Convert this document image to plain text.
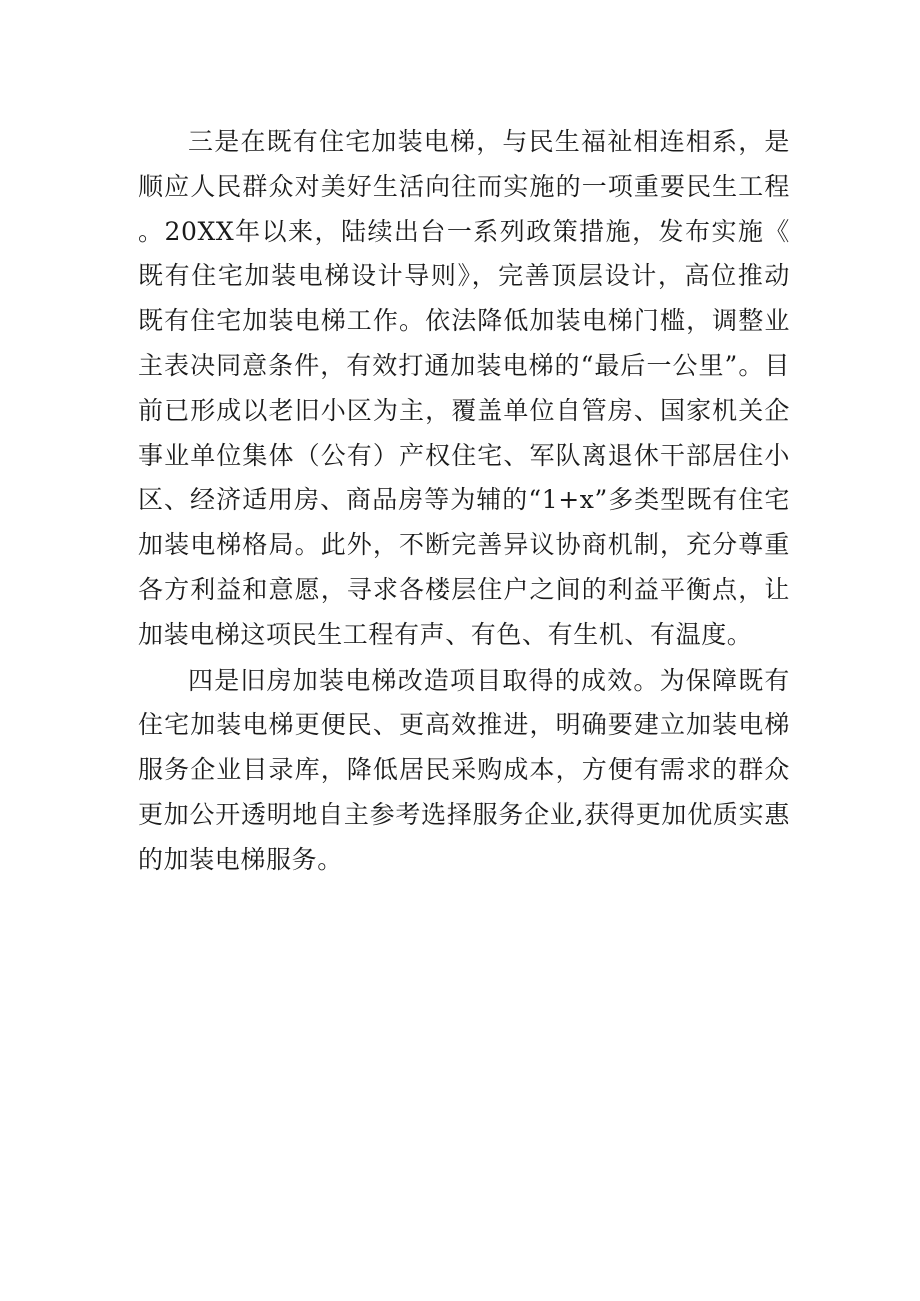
三是在既有住宅加装电梯，与民生福祉相连相系，是顺应人民群众对美好生活向往而实施的一项重要民生工程。20XX年以来，陆续出台一系列政策措施，发布实施《既有住宅加装电梯设计导则》，完善顶层设计，高位推动既有住宅加装电梯工作。依法降低加装电梯门槛，调整业主表决同意条件，有效打通加装电梯的“最后一公里”。目前已形成以老旧小区为主，覆盖单位自管房、国家机关企事业单位集体（公有）产权住宅、军队离退休干部居住小区、经济适用房、商品房等为辅的“1+x”多类型既有住宅加装电梯格局。此外，不断完善异议协商机制，充分尊重各方利益和意愿，寻求各楼层住户之间的利益平衡点，让加装电梯这项民生工程有声、有色、有生机、有温度。

四是旧房加装电梯改造项目取得的成效。为保障既有住宅加装电梯更便民、更高效推进，明确要建立加装电梯服务企业目录库，降低居民采购成本，方便有需求的群众更加公开透明地自主参考选择服务企业,获得更加优质实惠的加装电梯服务。
